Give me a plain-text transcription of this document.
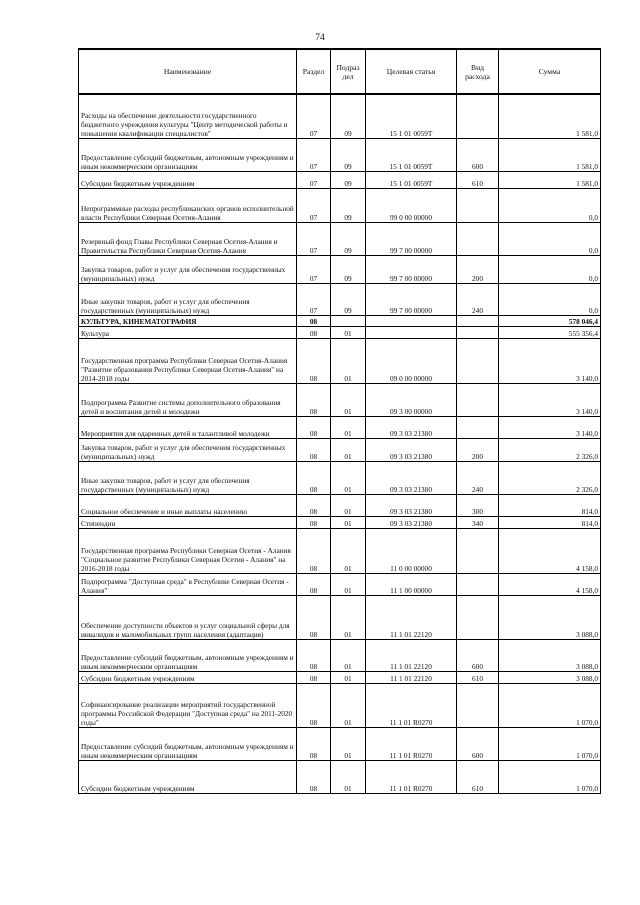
74
Наименование	Раздел	Подраз дел	Целевая статья	Вид расхода	Сумма
Расходы на обеспечение деятельности государственного бюджетного учреждения культуры "Центр методической работы и повышения квалификации специалистов"	07	09	15 1 01 0059Т		1 581,0
Предоставление субсидий бюджетным, автономным учреждениям и иным некоммерческим организациям	07	09	15 1 01 0059Т	600	1 581,0
Субсидии бюджетным учреждениям	07	09	15 1 01 0059Т	610	1 581,0
Непрограммные расходы республиканских органов исполнительной власти Республики Северная Осетия-Алания	07	09	99 0 00 00000		0,0
Резервный фонд Главы Республики Северная Осетия-Алания и Правительства Республики Северная Осетия-Алания	07	09	99 7 00 00000		0,0
Закупка товаров, работ и услуг для обеспечения государственных (муниципальных) нужд	07	09	99 7 00 00000	200	0,0
Иные закупки товаров, работ и услуг для обеспечения государственных (муниципальных) нужд	07	09	99 7 00 00000	240	0,0
КУЛЬТУРА, КИНЕМАТОГРАФИЯ	08				578 046,4
Культура	08	01			555 356,4
Государственная программа Республики Северная Осетия-Алания "Развитие образования Республики Северная Осетия-Алания" на 2014-2018 годы	08	01	09 0 00 00000		3 140,0
Подпрограмма Развитие системы дополнительного образования детей и воспитания детей и молодежи	08	01	09 3 00 00000		3 140,0
Мероприятия для одаренных детей и талантливой молодежи	08	01	09 3 03 21380		3 140,0
Закупка товаров, работ и услуг для обеспечения государственных (муниципальных) нужд	08	01	09 3 03 21380	200	2 326,0
Иные закупки товаров, работ и услуг для обеспечения государственных (муниципальных) нужд	08	01	09 3 03 21380	240	2 326,0
Социальное обеспечение и иные выплаты населению	08	01	09 3 03 21380	300	814,0
Стипендии	08	01	09 3 03 21380	340	814,0
Государственная программа Республики Северная Осетия - Алания "Социальное развитие Республики Северная Осетия - Алания" на 2016-2018 годы	08	01	11 0 00 00000		4 158,0
Подпрограмма "Доступная среда" в Республике Северная Осетия - Алания"	08	01	11 1 00 00000		4 158,0
Обеспечение доступности объектов и услуг социальной сферы для инвалидов и маломобильных групп населения (адаптация)	08	01	11 1 01 22120		3 088,0
Предоставление субсидий бюджетным, автономным учреждениям и иным некоммерческим организациям	08	01	11 1 01 22120	600	3 088,0
Субсидии бюджетным учреждениям	08	01	11 1 01 22120	610	3 088,0
Софинансирование реализации мероприятий государственной программы Российской Федерации "Доступная среда" на 2011-2020 годы"	08	01	11 1 01 R0270		1 070,0
Предоставление субсидий бюджетным, автономным учреждениям и иным некоммерческим организациям	08	01	11 1 01 R0270	600	1 070,0
Субсидии бюджетным учреждениям	08	01	11 1 01 R0270	610	1 070,0
